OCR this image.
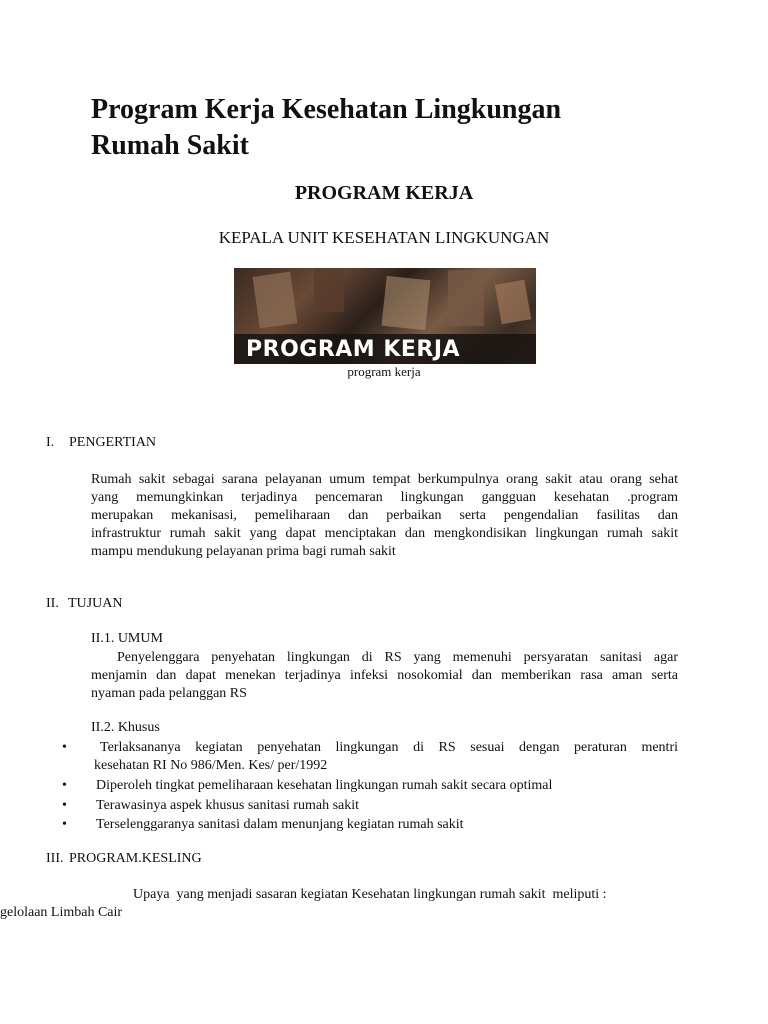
Program Kerja Kesehatan Lingkungan
Rumah Sakit
PROGRAM KERJA
KEPALA UNIT KESEHATAN LINGKUNGAN
PROGRAM KERJA
program kerja
I. PENGERTIAN
Rumah sakit sebagai sarana pelayanan umum tempat berkumpulnya orang sakit atau orang sehat
yang memungkinkan terjadinya pencemaran lingkungan gangguan kesehatan .program
merupakan mekanisasi, pemeliharaan dan perbaikan serta pengendalian fasilitas dan
infrastruktur rumah sakit yang dapat menciptakan dan mengkondisikan lingkungan rumah sakit
mampu mendukung pelayanan prima bagi rumah sakit
II. TUJUAN
II.1. UMUM
Penyelenggara penyehatan lingkungan di RS yang memenuhi persyaratan sanitasi agar
menjamin dan dapat menekan terjadinya infeksi nosokomial dan memberikan rasa aman serta
nyaman pada pelanggan RS
II.2. Khusus
• Terlaksananya kegiatan penyehatan lingkungan di RS sesuai dengan peraturan mentri
kesehatan RI No 986/Men. Kes/ per/1992
• Diperoleh tingkat pemeliharaan kesehatan lingkungan rumah sakit secara optimal
• Terawasinya aspek khusus sanitasi rumah sakit
• Terselenggaranya sanitasi dalam menunjang kegiatan rumah sakit
III. PROGRAM.KESLING
Upaya  yang menjadi sasaran kegiatan Kesehatan lingkungan rumah sakit  meliputi :
gelolaan Limbah Cair
